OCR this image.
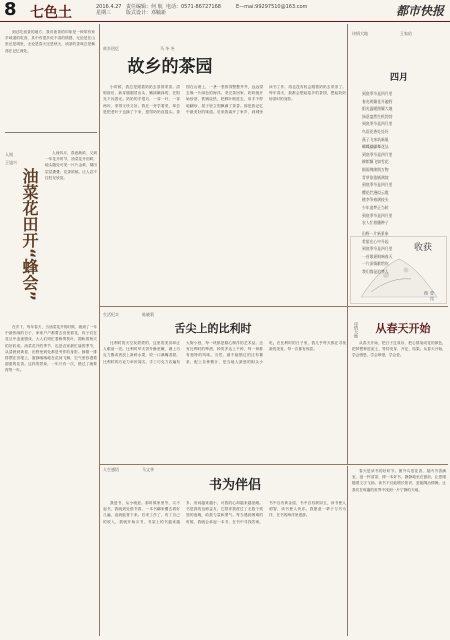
8 七色土	2016.4.27
星期三
责任编辑：何 航
版式设计：邓毓新
电话：0571-86727168	E—mai:99297510@163.com	都市快报

到过吃油茶的地方，我对油茶的印象是一种带有家乡味道的吃食，其中有很多说不清的情感，无论是在山里还是城里，无论是春天还是秋天，油茶的香味总是飘荡在记忆深处。

人间
王旭兴
油菜花田开“蜂会”

人间四月，春意渐浓，又到一年花开时节，油菜花开田畔，地头随处可见一片片金黄，梯田层层叠叠，花香浓郁，让人忍不住驻足欣赏。

在乡下，每年春天，当油菜花开的时候，就到了一年中最热闹的日子，家家户户都要去田里看花，孩子们在花丛中追逐嬉戏，大人们则忙着修剪枝叶，期盼着秋天的好收成。油菜花开的季节，也是农家最忙碌的季节，从清晨到黄昏，田野里到处都是劳作的身影。蜂箱一排排摆在田埂上，蜜蜂嗡嗡地在花间飞舞，空气里弥漫着甜甜的花香。这样的景象，一年只有一次，错过了就要再等一年。

故乡回忆	马 冬 冬
故乡的茶园

小时候，我总是跟着奶奶去茶园采茶。清明前后，新芽刚刚冒出头，嫩绿嫩绿的，在阳光下闪着光。奶奶的手很巧，一芽一叶，一芽两叶，采得又快又好。我在一旁学着采，却总是把老叶子也摘了下来，惹得奶奶直摇头。茶园在山坡上，一垄一垄排得整整齐齐，远远望去像一片绿色的海洋。采完茶回家，奶奶就开始炒茶，铁锅烧热，把鲜叶倒进去，用手不停地翻炒，屋子里立刻飘满了茶香。那是我记忆中最美好的味道。后来我离开了家乡，到城里读书工作，再也没有机会跟着奶奶去采茶了。每年春天，我都会想起故乡的茶园，想起奶奶炒茶时的身影。

收获
曹 滢 摄
诗情大地	王家佑
四月
到底季节是四月里
春光明媚花开遍野
阳光温暖照耀大地
绿意盎然生机勃勃
到底季节是四月里
鸟语花香处处好
燕子飞来筑新巢
蝴蝶翩翩舞花丛
到底季节是四月里
柳絮飘飞如雪花
细雨绵绵润万物
青草依依铺满坡
到底季节是四月里
樱花烂漫似云霞
桃李争春满枝头
少年追梦正当时
到底季节是四月里
农人忙着播种子
田野一片新景象
希望在心中升起
到底季节是四月里
一首歌谣唱响春天
一片深情献给你
我们都是追梦人
从春天开始
诗情大地

从春天开始，把日子过成诗，把心情染成花的颜色，把梦想种进泥土，等待发芽、开花、结果。从春天开始，学会感恩，学会珍惜，学会爱。

生活纪实	陈晓莉
舌尖上的比利时

比利时的天空灰蒙蒙的，这里的美食却让人眼前一亮。比利时华夫饼外酥里嫩，淋上巧克力酱或者放上新鲜水果，咬一口满嘴香甜。比利时的巧克力举世闻名，手工巧克力店遍布大街小巷，每一块都是精心制作的艺术品。还有比利时的啤酒，种类多达上千种，每一种都有独特的风味。当然，最不能错过的还有薯条，配上各种酱汁，是当地人最爱的街头小吃。在比利时的日子里，我几乎每天都在寻找新的美食，每一次都有惊喜。

人生感悟	马文华
书为伴侣

我爱书，从小就爱。那时候家里穷，买不起书，我就到处借书看，一本书翻来覆去看好几遍，直到能背下来。后来工作了，有了自己的收入，我就开始买书，书架上的书越来越多，房间越来越小，可我的心却越来越宽敞。书是我的良师益友，它陪伴我度过了无数个孤独的夜晚，给我力量和勇气。每当遇到困难的时候，我就会拿起一本书，在书中寻找答案。书中自有黄金屋，书中自有颜如玉，读书使人明智，读书使人快乐。我愿意一辈子与书为伴，在书的海洋里遨游。

春天是读书的好时节。窗外鸟语花香，屋内书香满室，泡一杯清茶，捧一本好书，静静地坐在窗前，让思绪随着文字飞扬。读书不仅能增长知识，更能陶冶情操，让我们在喧嚣的世界中找到一片宁静的天地。
